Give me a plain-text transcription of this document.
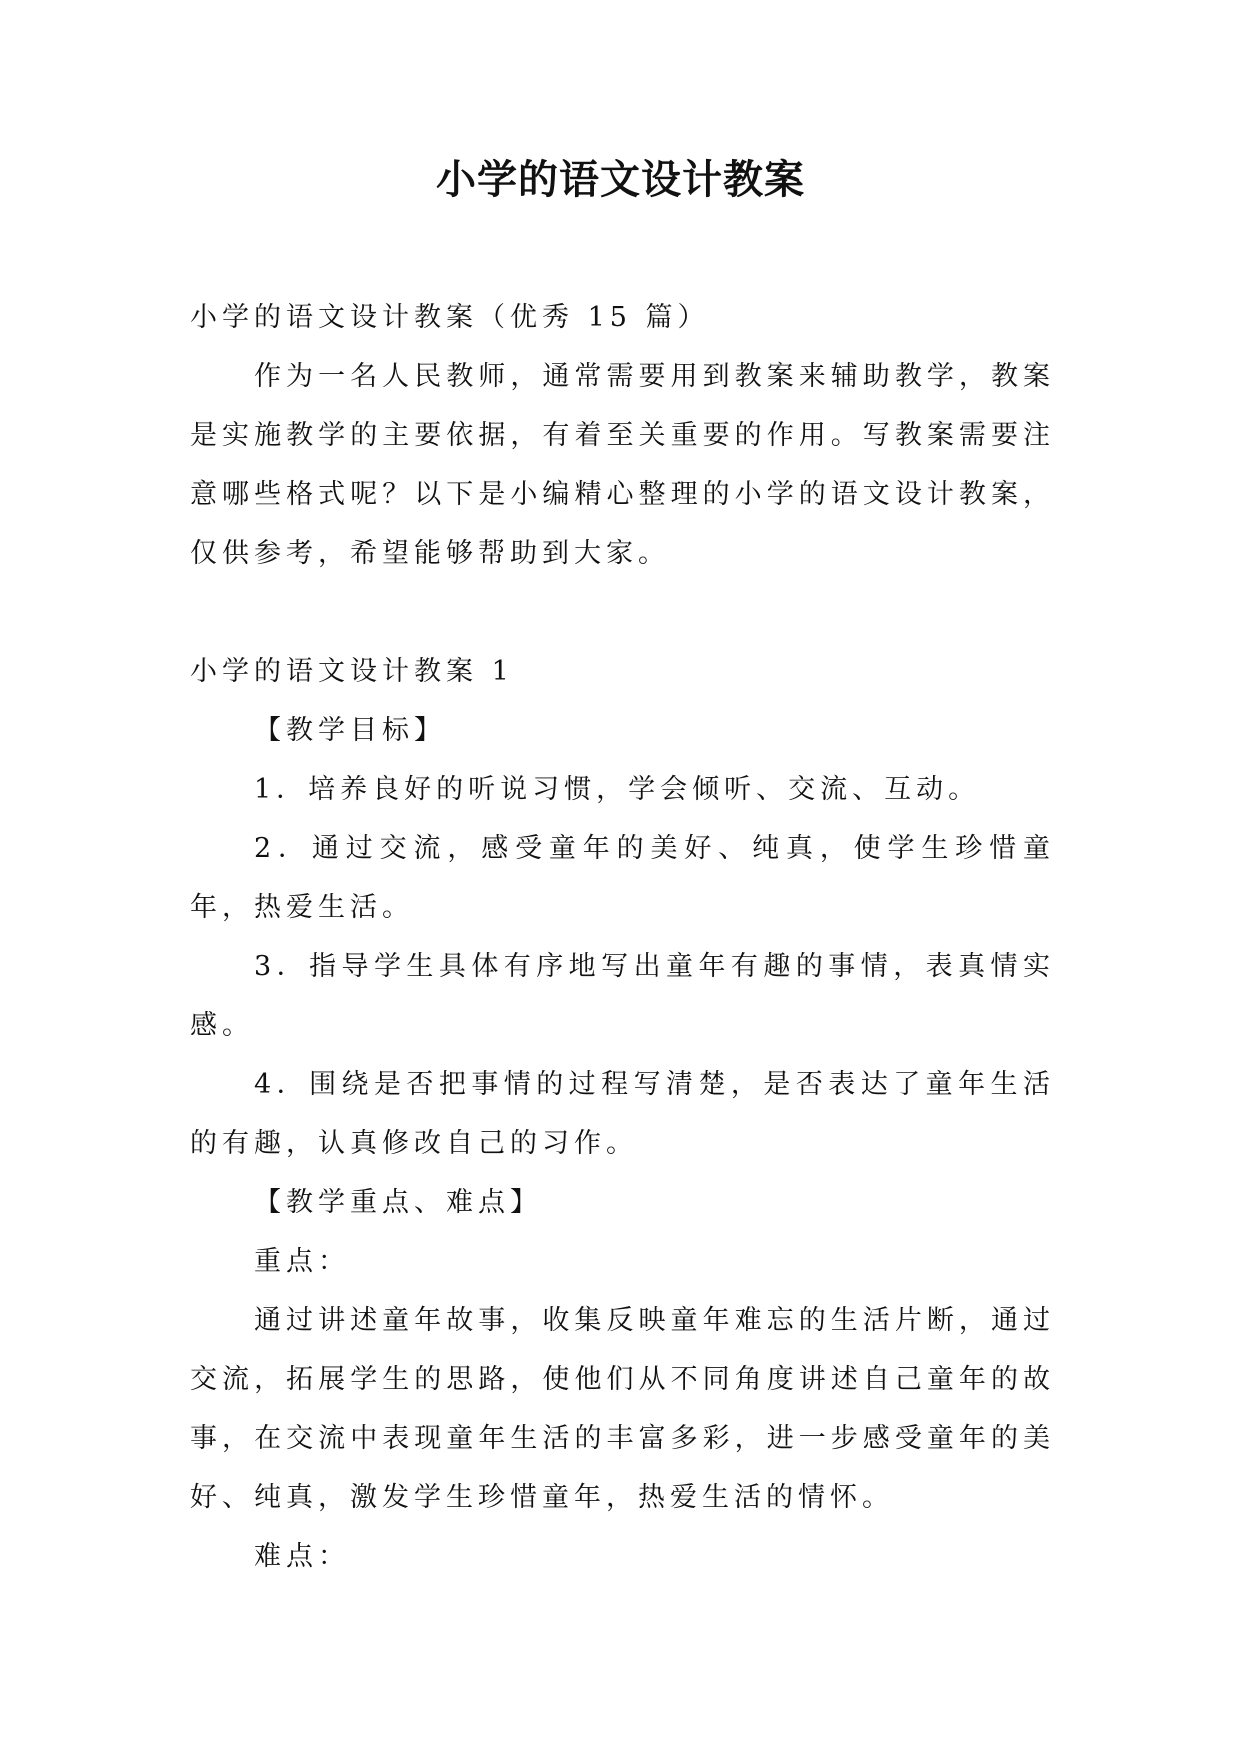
小学的语文设计教案

小学的语文设计教案（优秀 15 篇）

作为一名人民教师，通常需要用到教案来辅助教学，教案是实施教学的主要依据，有着至关重要的作用。写教案需要注意哪些格式呢？以下是小编精心整理的小学的语文设计教案，仅供参考，希望能够帮助到大家。

小学的语文设计教案 1

【教学目标】

1．培养良好的听说习惯，学会倾听、交流、互动。

2．通过交流，感受童年的美好、纯真，使学生珍惜童年，热爱生活。

3．指导学生具体有序地写出童年有趣的事情，表真情实感。

4．围绕是否把事情的过程写清楚，是否表达了童年生活的有趣，认真修改自己的习作。

【教学重点、难点】

重点：

通过讲述童年故事，收集反映童年难忘的生活片断，通过交流，拓展学生的思路，使他们从不同角度讲述自己童年的故事，在交流中表现童年生活的丰富多彩，进一步感受童年的美好、纯真，激发学生珍惜童年，热爱生活的情怀。

难点：
